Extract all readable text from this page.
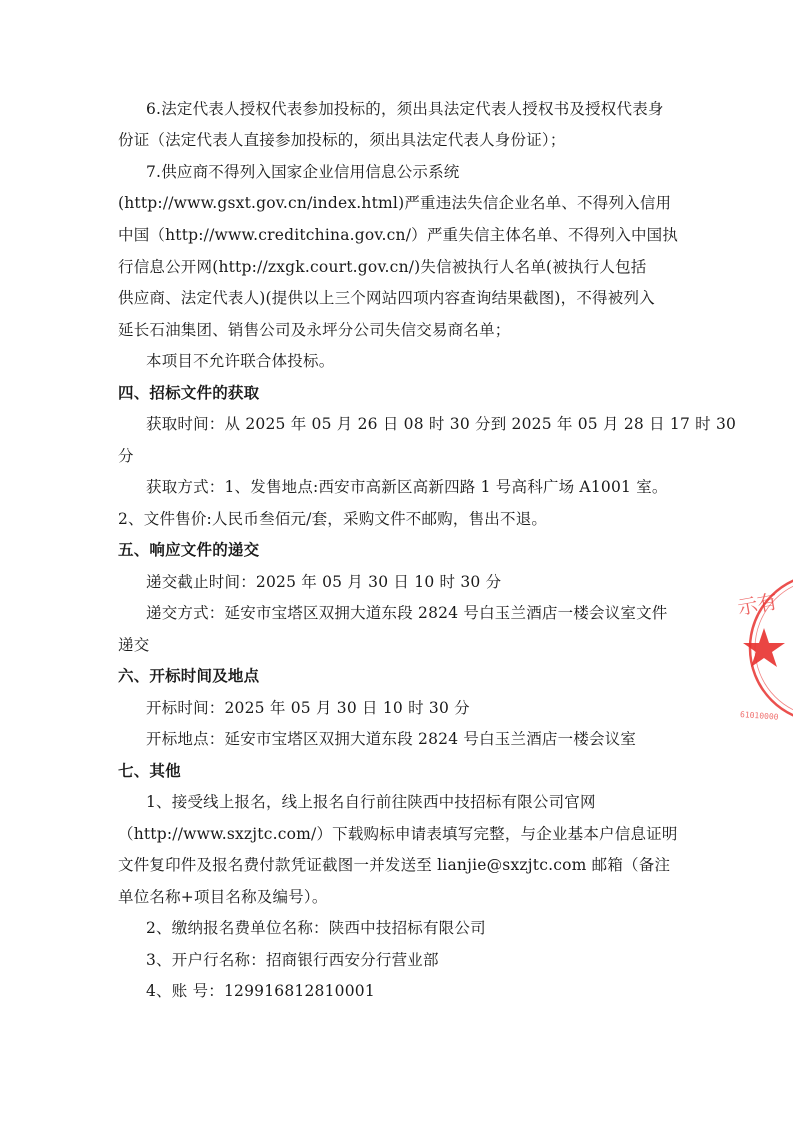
6.法定代表人授权代表参加投标的，须出具法定代表人授权书及授权代表身
份证（法定代表人直接参加投标的，须出具法定代表人身份证）；
7.供应商不得列入国家企业信用信息公示系统
(http://www.gsxt.gov.cn/index.html)严重违法失信企业名单、不得列入信用
中国（http://www.creditchina.gov.cn/）严重失信主体名单、不得列入中国执
行信息公开网(http://zxgk.court.gov.cn/)失信被执行人名单(被执行人包括
供应商、法定代表人)(提供以上三个网站四项内容查询结果截图)，不得被列入
延长石油集团、销售公司及永坪分公司失信交易商名单；
本项目不允许联合体投标。
四、招标文件的获取
获取时间：从 2025 年 05 月 26 日 08 时 30 分到 2025 年 05 月 28 日 17 时 30
分
获取方式：1、发售地点:西安市高新区高新四路 1 号高科广场 A1001 室。
2、文件售价:人民币叁佰元/套，采购文件不邮购，售出不退。
五、响应文件的递交
递交截止时间：2025 年 05 月 30 日 10 时 30 分
递交方式：延安市宝塔区双拥大道东段 2824 号白玉兰酒店一楼会议室文件
递交
六、开标时间及地点
开标时间：2025 年 05 月 30 日 10 时 30 分
开标地点：延安市宝塔区双拥大道东段 2824 号白玉兰酒店一楼会议室
七、其他
1、接受线上报名，线上报名自行前往陕西中技招标有限公司官网
（http://www.sxzjtc.com/）下载购标申请表填写完整，与企业基本户信息证明
文件复印件及报名费付款凭证截图一并发送至 lianjie@sxzjtc.com 邮箱（备注
单位名称+项目名称及编号）。
2、缴纳报名费单位名称：陕西中技招标有限公司
3、开户行名称：招商银行西安分行营业部
4、账 号：129916812810001
示有
61010000
